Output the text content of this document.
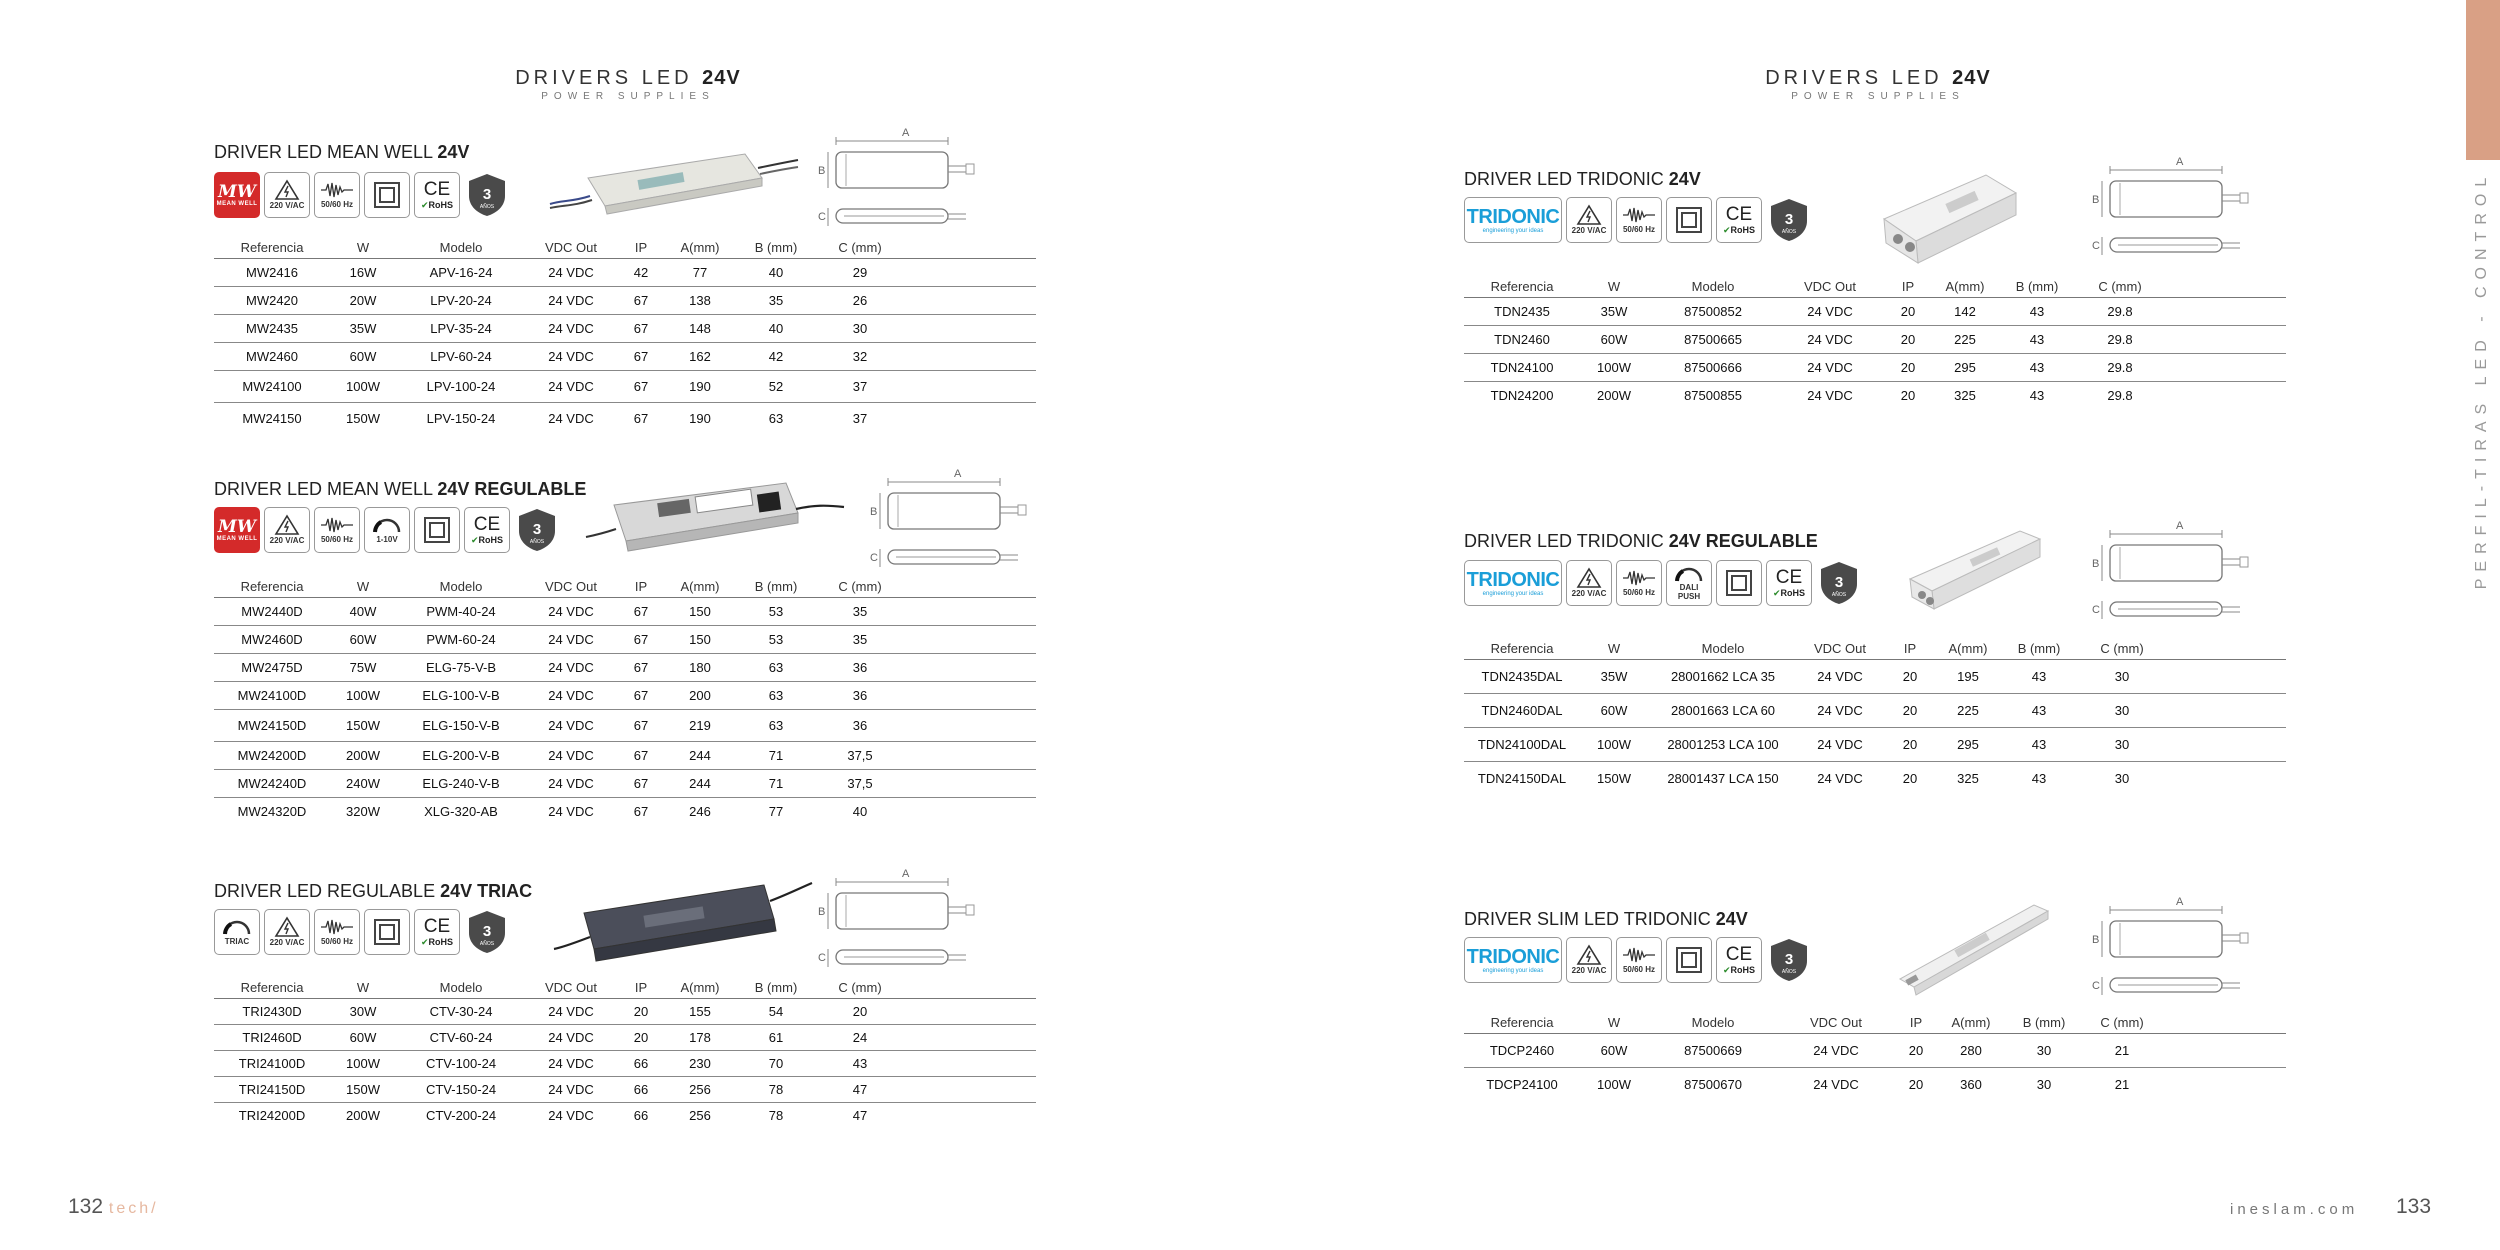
DRIVERS LED 24V
POWER SUPPLIES
DRIVERS LED 24V
POWER SUPPLIES
DRIVER LED MEAN WELL 24V
MW
MEAN WELL 220 V/AC 50/60 Hz
CE
✔RoHS
3
AÑOS
A
B
C
Referencia	W	Modelo	VDC Out	IP	A(mm)	B (mm)	C (mm)	
MW2416	16W	APV-16-24	24 VDC	42	77	40	29	
MW2420	20W	LPV-20-24	24 VDC	67	138	35	26	
MW2435	35W	LPV-35-24	24 VDC	67	148	40	30	
MW2460	60W	LPV-60-24	24 VDC	67	162	42	32	
MW24100	100W	LPV-100-24	24 VDC	67	190	52	37	
MW24150	150W	LPV-150-24	24 VDC	67	190	63	37	
DRIVER LED MEAN WELL 24V REGULABLE
MW
MEAN WELL 220 V/AC 50/60 Hz	1-10V
CE
✔RoHS
3
AÑOS
A
B
C
Referencia	W	Modelo	VDC Out	IP	A(mm)	B (mm)	C (mm)	
MW2440D	40W	PWM-40-24	24 VDC	67	150	53	35	
MW2460D	60W	PWM-60-24	24 VDC	67	150	53	35	
MW2475D	75W	ELG-75-V-B	24 VDC	67	180	63	36	
MW24100D	100W	ELG-100-V-B	24 VDC	67	200	63	36	
MW24150D	150W	ELG-150-V-B	24 VDC	67	219	63	36	
MW24200D	200W	ELG-200-V-B	24 VDC	67	244	71	37,5	
MW24240D	240W	ELG-240-V-B	24 VDC	67	244	71	37,5	
MW24320D	320W	XLG-320-AB	24 VDC	67	246	77	40	
DRIVER LED REGULABLE 24V TRIAC
TRIAC	220 V/AC 50/60 Hz
CE
✔RoHS
3
AÑOS
A
B
C
Referencia	W	Modelo	VDC Out	IP	A(mm)	B (mm)	C (mm)	
TRI2430D	30W	CTV-30-24	24 VDC	20	155	54	20	
TRI2460D	60W	CTV-60-24	24 VDC	20	178	61	24	
TRI24100D	100W	CTV-100-24	24 VDC	66	230	70	43	
TRI24150D	150W	CTV-150-24	24 VDC	66	256	78	47	
TRI24200D	200W	CTV-200-24	24 VDC	66	256	78	47	
DRIVER LED TRIDONIC 24V
TRIDONIC
engineering your ideas	220 V/AC 50/60 Hz
CE
✔RoHS
3
AÑOS
A
B
C
Referencia	W	Modelo	VDC Out	IP	A(mm)	B (mm)	C (mm)	
TDN2435	35W	87500852	24 VDC	20	142	43	29.8	
TDN2460	60W	87500665	24 VDC	20	225	43	29.8	
TDN24100	100W	87500666	24 VDC	20	295	43	29.8	
TDN24200	200W	87500855	24 VDC	20	325	43	29.8	
DRIVER LED TRIDONIC 24V REGULABLE
TRIDONIC
engineering your ideas	220 V/AC 50/60 Hz
DALI PUSH
CE
✔RoHS
3
AÑOS
A
B
C
Referencia	W	Modelo	VDC Out	IP	A(mm)	B (mm)	C (mm)	
TDN2435DAL	35W	28001662 LCA 35	24 VDC	20	195	43	30	
TDN2460DAL	60W	28001663 LCA 60	24 VDC	20	225	43	30	
TDN24100DAL	100W	28001253 LCA 100	24 VDC	20	295	43	30	
TDN24150DAL	150W	28001437 LCA 150	24 VDC	20	325	43	30	
DRIVER SLIM LED TRIDONIC 24V
TRIDONIC
engineering your ideas	220 V/AC 50/60 Hz
CE
✔RoHS
3
AÑOS
A
B
C
Referencia	W	Modelo	VDC Out	IP	A(mm)	B (mm)	C (mm)	
TDCP2460	60W	87500669	24 VDC	20	280	30	21	
TDCP24100	100W	87500670	24 VDC	20	360	30	21	
132 tech/	ineslam.com 133
PERFIL-TIRAS LED - CONTROL
